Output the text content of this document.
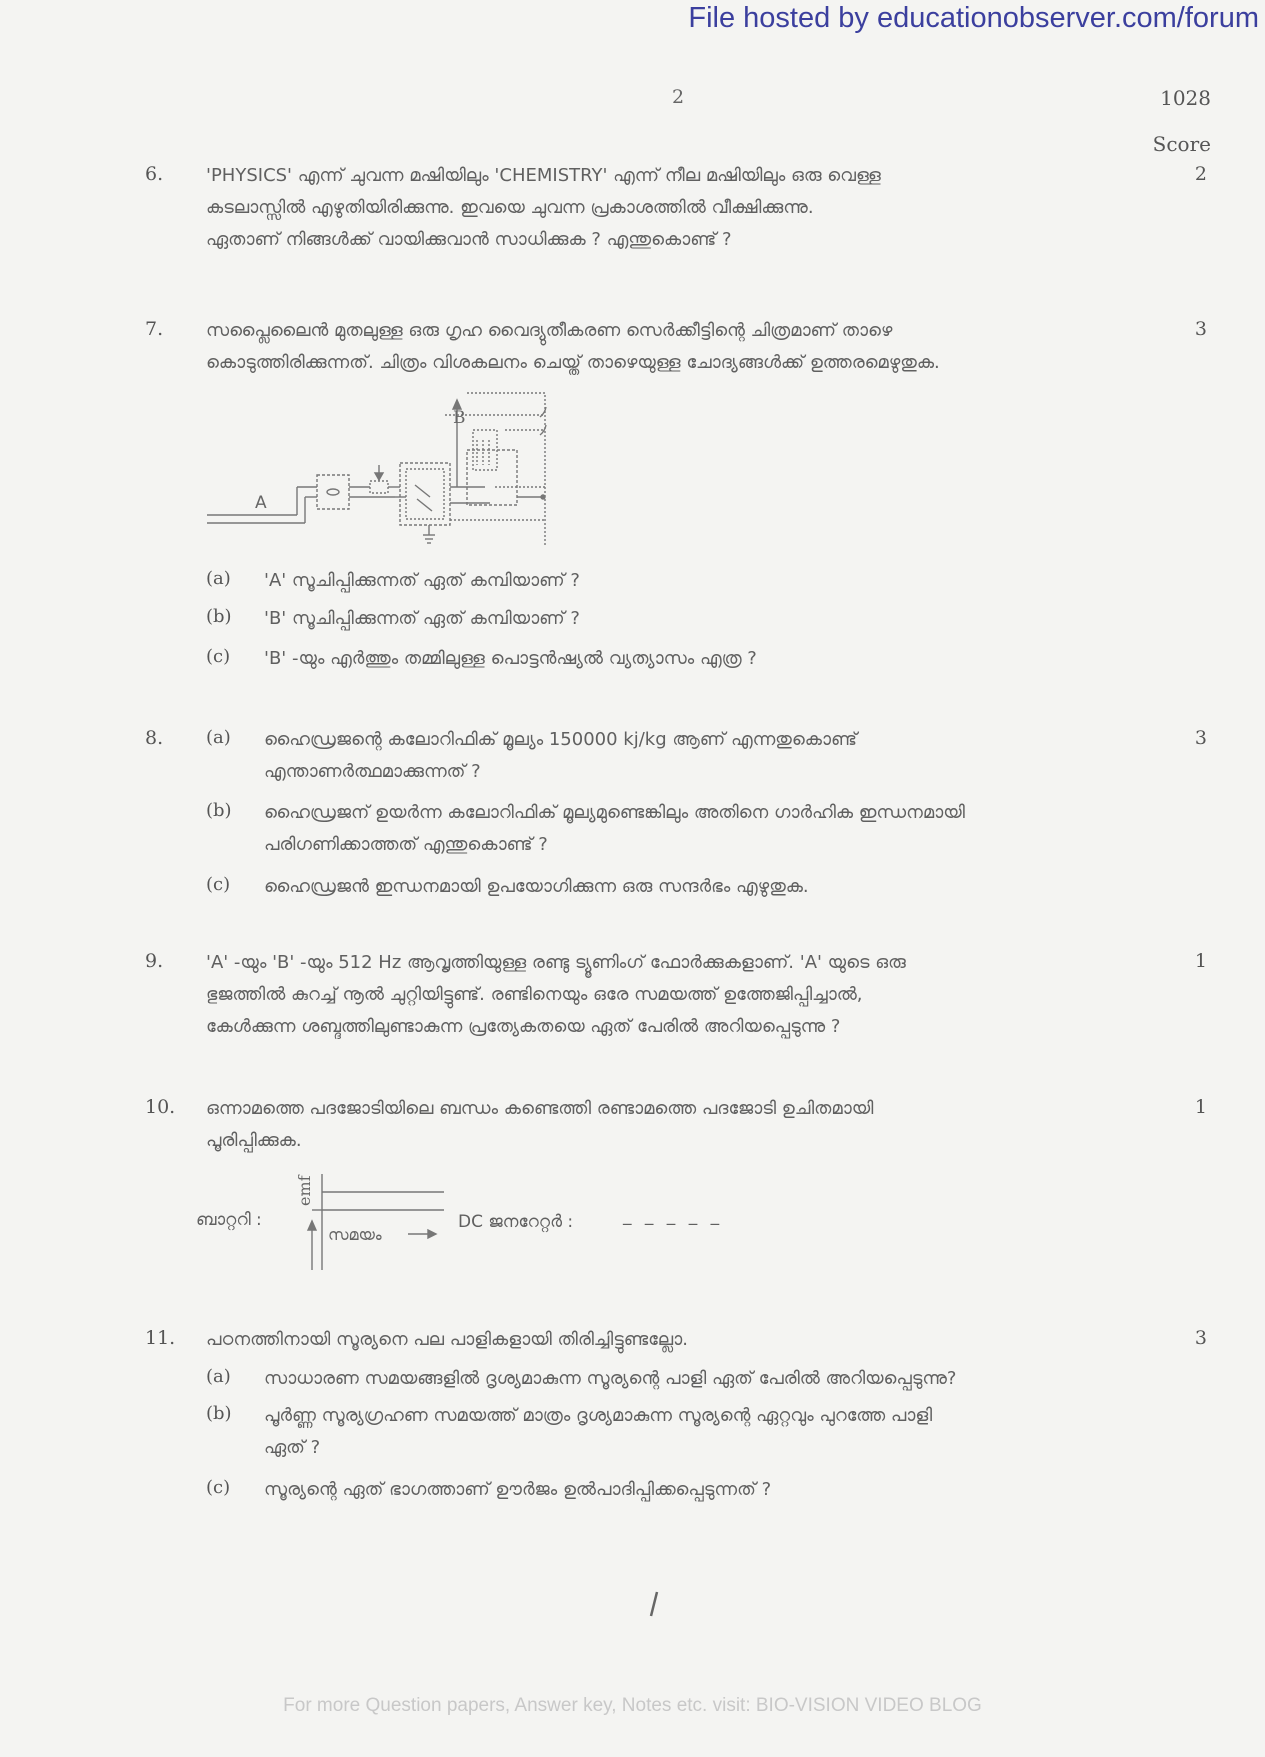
File hosted by educationobserver.com/forum
2	1028
Score
6.	2
'PHYSICS' എന്ന് ചുവന്ന മഷിയിലും 'CHEMISTRY' എന്ന് നീല മഷിയിലും ഒരു വെള്ള
കടലാസ്സിൽ എഴുതിയിരിക്കുന്നു. ഇവയെ ചുവന്ന പ്രകാശത്തിൽ വീക്ഷിക്കുന്നു.
ഏതാണ് നിങ്ങൾക്ക് വായിക്കുവാൻ സാധിക്കുക ? എന്തുകൊണ്ട് ?
7.	3
സപ്ലൈലൈൻ മുതലുള്ള ഒരു ഗൃഹ വൈദ്യുതീകരണ സെർക്കീട്ടിന്റെ ചിത്രമാണ് താഴെ
കൊടുത്തിരിക്കുന്നത്. ചിത്രം വിശകലനം ചെയ്ത് താഴെയുള്ള ചോദ്യങ്ങൾക്ക് ഉത്തരമെഴുതുക.
A
B
(a) 'A' സൂചിപ്പിക്കുന്നത് ഏത് കമ്പിയാണ് ?
(b) 'B' സൂചിപ്പിക്കുന്നത് ഏത് കമ്പിയാണ് ?
(c) 'B' -യും എർത്തും തമ്മിലുള്ള പൊട്ടൻഷ്യൽ വ്യത്യാസം എത്ര ?
8.	3
(a) ഹൈഡ്രജന്റെ കലോറിഫിക് മൂല്യം 150000 kj/kg ആണ് എന്നതുകൊണ്ട്
എന്താണർത്ഥമാക്കുന്നത് ?
(b) ഹൈഡ്രജന് ഉയർന്ന കലോറിഫിക് മൂല്യമുണ്ടെങ്കിലും അതിനെ ഗാർഹിക ഇന്ധനമായി
പരിഗണിക്കാത്തത് എന്തുകൊണ്ട് ?
(c) ഹൈഡ്രജൻ ഇന്ധനമായി ഉപയോഗിക്കുന്ന ഒരു സന്ദർഭം എഴുതുക.
9.	1
'A' -യും 'B' -യും 512 Hz ആവൃത്തിയുള്ള രണ്ടു ട്യൂണിംഗ് ഫോർക്കുകളാണ്. 'A' യുടെ ഒരു
ഭുജത്തിൽ കുറച്ച് നൂൽ ചുറ്റിയിട്ടുണ്ട്. രണ്ടിനെയും ഒരേ സമയത്ത് ഉത്തേജിപ്പിച്ചാൽ,
കേൾക്കുന്ന ശബ്ദത്തിലുണ്ടാകുന്ന പ്രത്യേകതയെ ഏത് പേരിൽ അറിയപ്പെടുന്നു ?
10.	1
ഒന്നാമത്തെ പദജോടിയിലെ ബന്ധം കണ്ടെത്തി രണ്ടാമത്തെ പദജോടി ഉചിതമായി
പൂരിപ്പിക്കുക.
ബാറ്ററി :
emf
സമയം
DC ജനറേറ്റർ :	_ _ _ _ _
11.	3
പഠനത്തിനായി സൂര്യനെ പല പാളികളായി തിരിച്ചിട്ടുണ്ടല്ലോ.
(a) സാധാരണ സമയങ്ങളിൽ ദൃശ്യമാകുന്ന സൂര്യന്റെ പാളി ഏത് പേരിൽ അറിയപ്പെടുന്നു?
(b) പൂർണ്ണ സൂര്യഗ്രഹണ സമയത്ത് മാത്രം ദൃശ്യമാകുന്ന സൂര്യന്റെ ഏറ്റവും പുറത്തേ പാളി
ഏത് ?
(c) സൂര്യന്റെ ഏത് ഭാഗത്താണ് ഊർജം ഉൽപാദിപ്പിക്കപ്പെടുന്നത് ?
For more Question papers, Answer key, Notes etc. visit: BIO-VISION VIDEO BLOG
